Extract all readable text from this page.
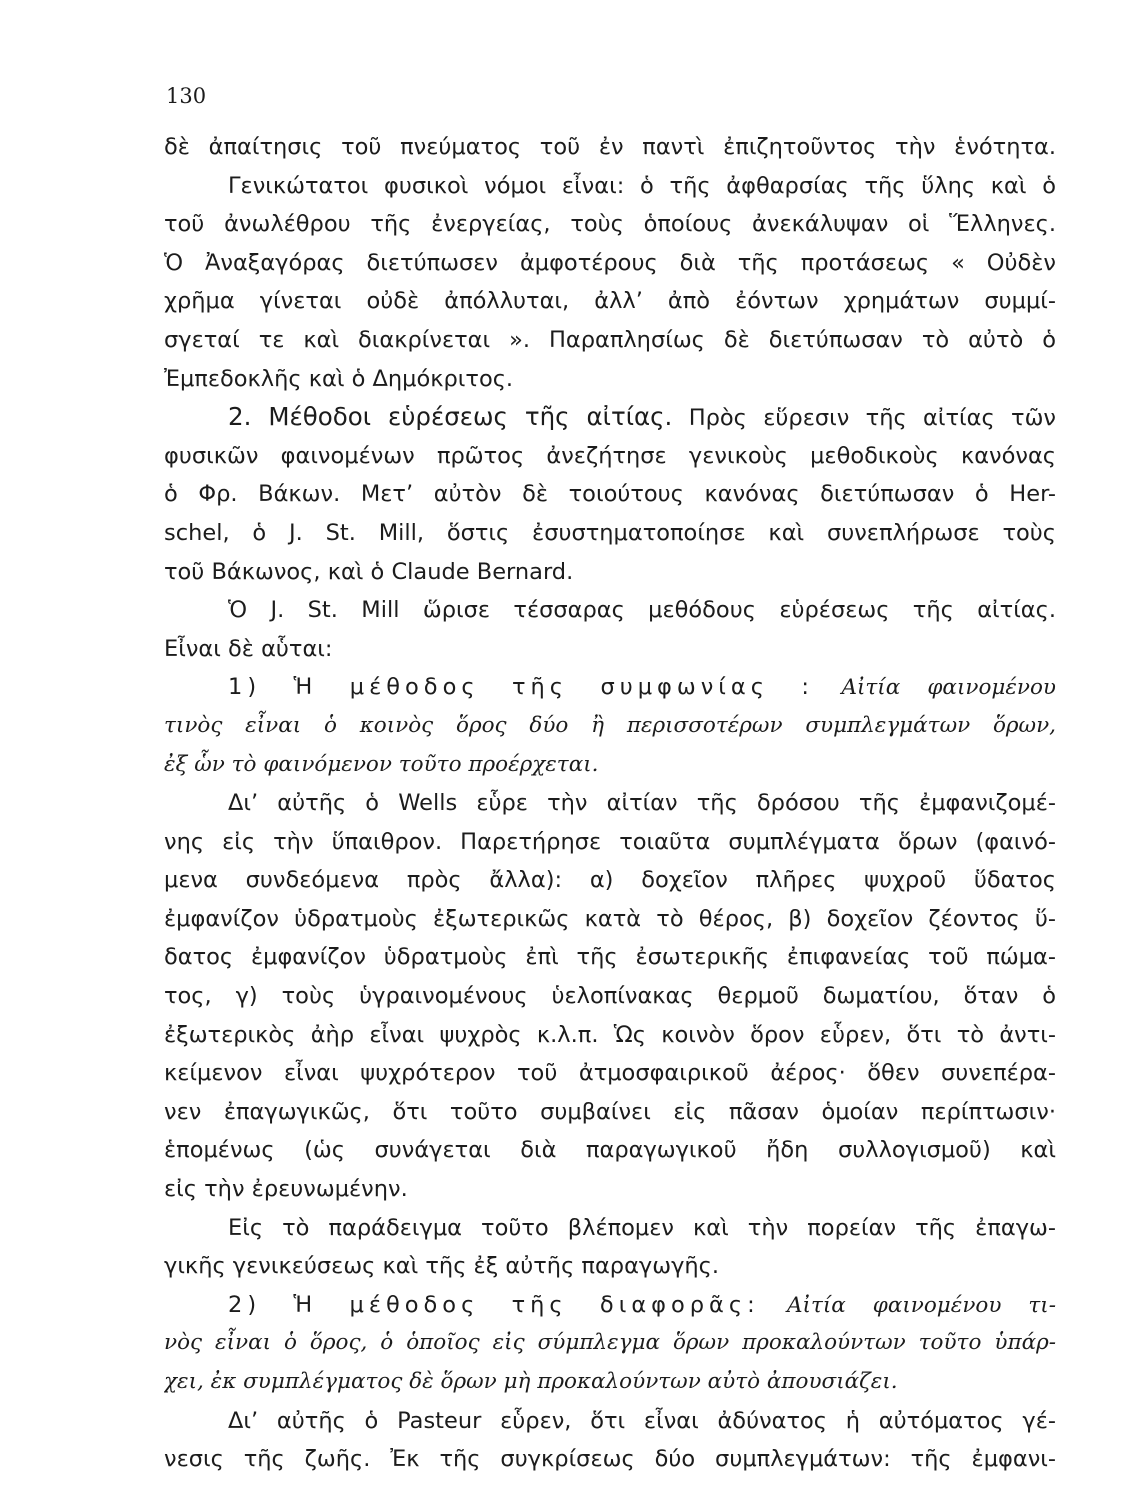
130
δὲ ἀπαίτησις τοῦ πνεύματος τοῦ ἐν παντὶ ἐπιζητοῦντος τὴν ἑνότητα.
Γενικώτατοι φυσικοὶ νόμοι εἶναι: ὁ τῆς ἀφθαρσίας τῆς ὕλης καὶ ὁ
τοῦ ἀνωλέθρου τῆς ἐνεργείας, τοὺς ὁποίους ἀνεκάλυψαν οἱ Ἕλληνες.
Ὁ Ἀναξαγόρας διετύπωσεν ἀμφοτέρους διὰ τῆς προτάσεως « Οὐδὲν
χρῆμα γίνεται οὐδὲ ἀπόλλυται, ἀλλ’ ἀπὸ ἐόντων χρημάτων συμμί-
σγεταί τε καὶ διακρίνεται ». Παραπλησίως δὲ διετύπωσαν τὸ αὐτὸ ὁ
Ἐμπεδοκλῆς καὶ ὁ Δημόκριτος.
2. Μέθοδοι εὑρέσεως τῆς αἰτίας. Πρὸς εὕρεσιν τῆς αἰτίας τῶν
φυσικῶν φαινομένων πρῶτος ἀνεζήτησε γενικοὺς μεθοδικοὺς κανόνας
ὁ Φρ. Βάκων. Μετ’ αὐτὸν δὲ τοιούτους κανόνας διετύπωσαν ὁ Her-
schel, ὁ J. St. Mill, ὅστις ἐσυστηματοποίησε καὶ συνεπλήρωσε τοὺς
τοῦ Βάκωνος, καὶ ὁ Claude Bernard.
Ὁ J. St. Mill ὥρισε τέσσαρας μεθόδους εὑρέσεως τῆς αἰτίας.
Εἶναι δὲ αὗται:
1) Ἡ μέθοδος τῆς συμφωνίας : Αἰτία φαινομένου
τινὸς εἶναι ὁ κοινὸς ὅρος δύο ἢ περισσοτέρων συμπλεγμάτων ὅρων,
ἐξ ὧν τὸ φαινόμενον τοῦτο προέρχεται.
Δι’ αὐτῆς ὁ Wells εὗρε τὴν αἰτίαν τῆς δρόσου τῆς ἐμφανιζομέ-
νης εἰς τὴν ὕπαιθρον. Παρετήρησε τοιαῦτα συμπλέγματα ὅρων (φαινό-
μενα συνδεόμενα πρὸς ἄλλα): α) δοχεῖον πλῆρες ψυχροῦ ὕδατος
ἐμφανίζον ὑδρατμοὺς ἐξωτερικῶς κατὰ τὸ θέρος, β) δοχεῖον ζέοντος ὕ-
δατος ἐμφανίζον ὑδρατμοὺς ἐπὶ τῆς ἐσωτερικῆς ἐπιφανείας τοῦ πώμα-
τος, γ) τοὺς ὑγραινομένους ὑελοπίνακας θερμοῦ δωματίου, ὅταν ὁ
ἐξωτερικὸς ἀὴρ εἶναι ψυχρὸς κ.λ.π. Ὡς κοινὸν ὅρον εὗρεν, ὅτι τὸ ἀντι-
κείμενον εἶναι ψυχρότερον τοῦ ἀτμοσφαιρικοῦ ἀέρος· ὅθεν συνεπέρα-
νεν ἐπαγωγικῶς, ὅτι τοῦτο συμβαίνει εἰς πᾶσαν ὁμοίαν περίπτωσιν·
ἑπομένως (ὡς συνάγεται διὰ παραγωγικοῦ ἤδη συλλογισμοῦ) καὶ
εἰς τὴν ἐρευνωμένην.
Εἰς τὸ παράδειγμα τοῦτο βλέπομεν καὶ τὴν πορείαν τῆς ἐπαγω-
γικῆς γενικεύσεως καὶ τῆς ἐξ αὐτῆς παραγωγῆς.
2) Ἡ μέθοδος τῆς διαφορᾶς: Αἰτία φαινομένου τι-
νὸς εἶναι ὁ ὅρος, ὁ ὁποῖος εἰς σύμπλεγμα ὅρων προκαλούντων τοῦτο ὑπάρ-
χει, ἐκ συμπλέγματος δὲ ὅρων μὴ προκαλούντων αὐτὸ ἀπουσιάζει.
Δι’ αὐτῆς ὁ Pasteur εὗρεν, ὅτι εἶναι ἀδύνατος ἡ αὐτόματος γέ-
νεσις τῆς ζωῆς. Ἐκ τῆς συγκρίσεως δύο συμπλεγμάτων: τῆς ἐμφανι-
